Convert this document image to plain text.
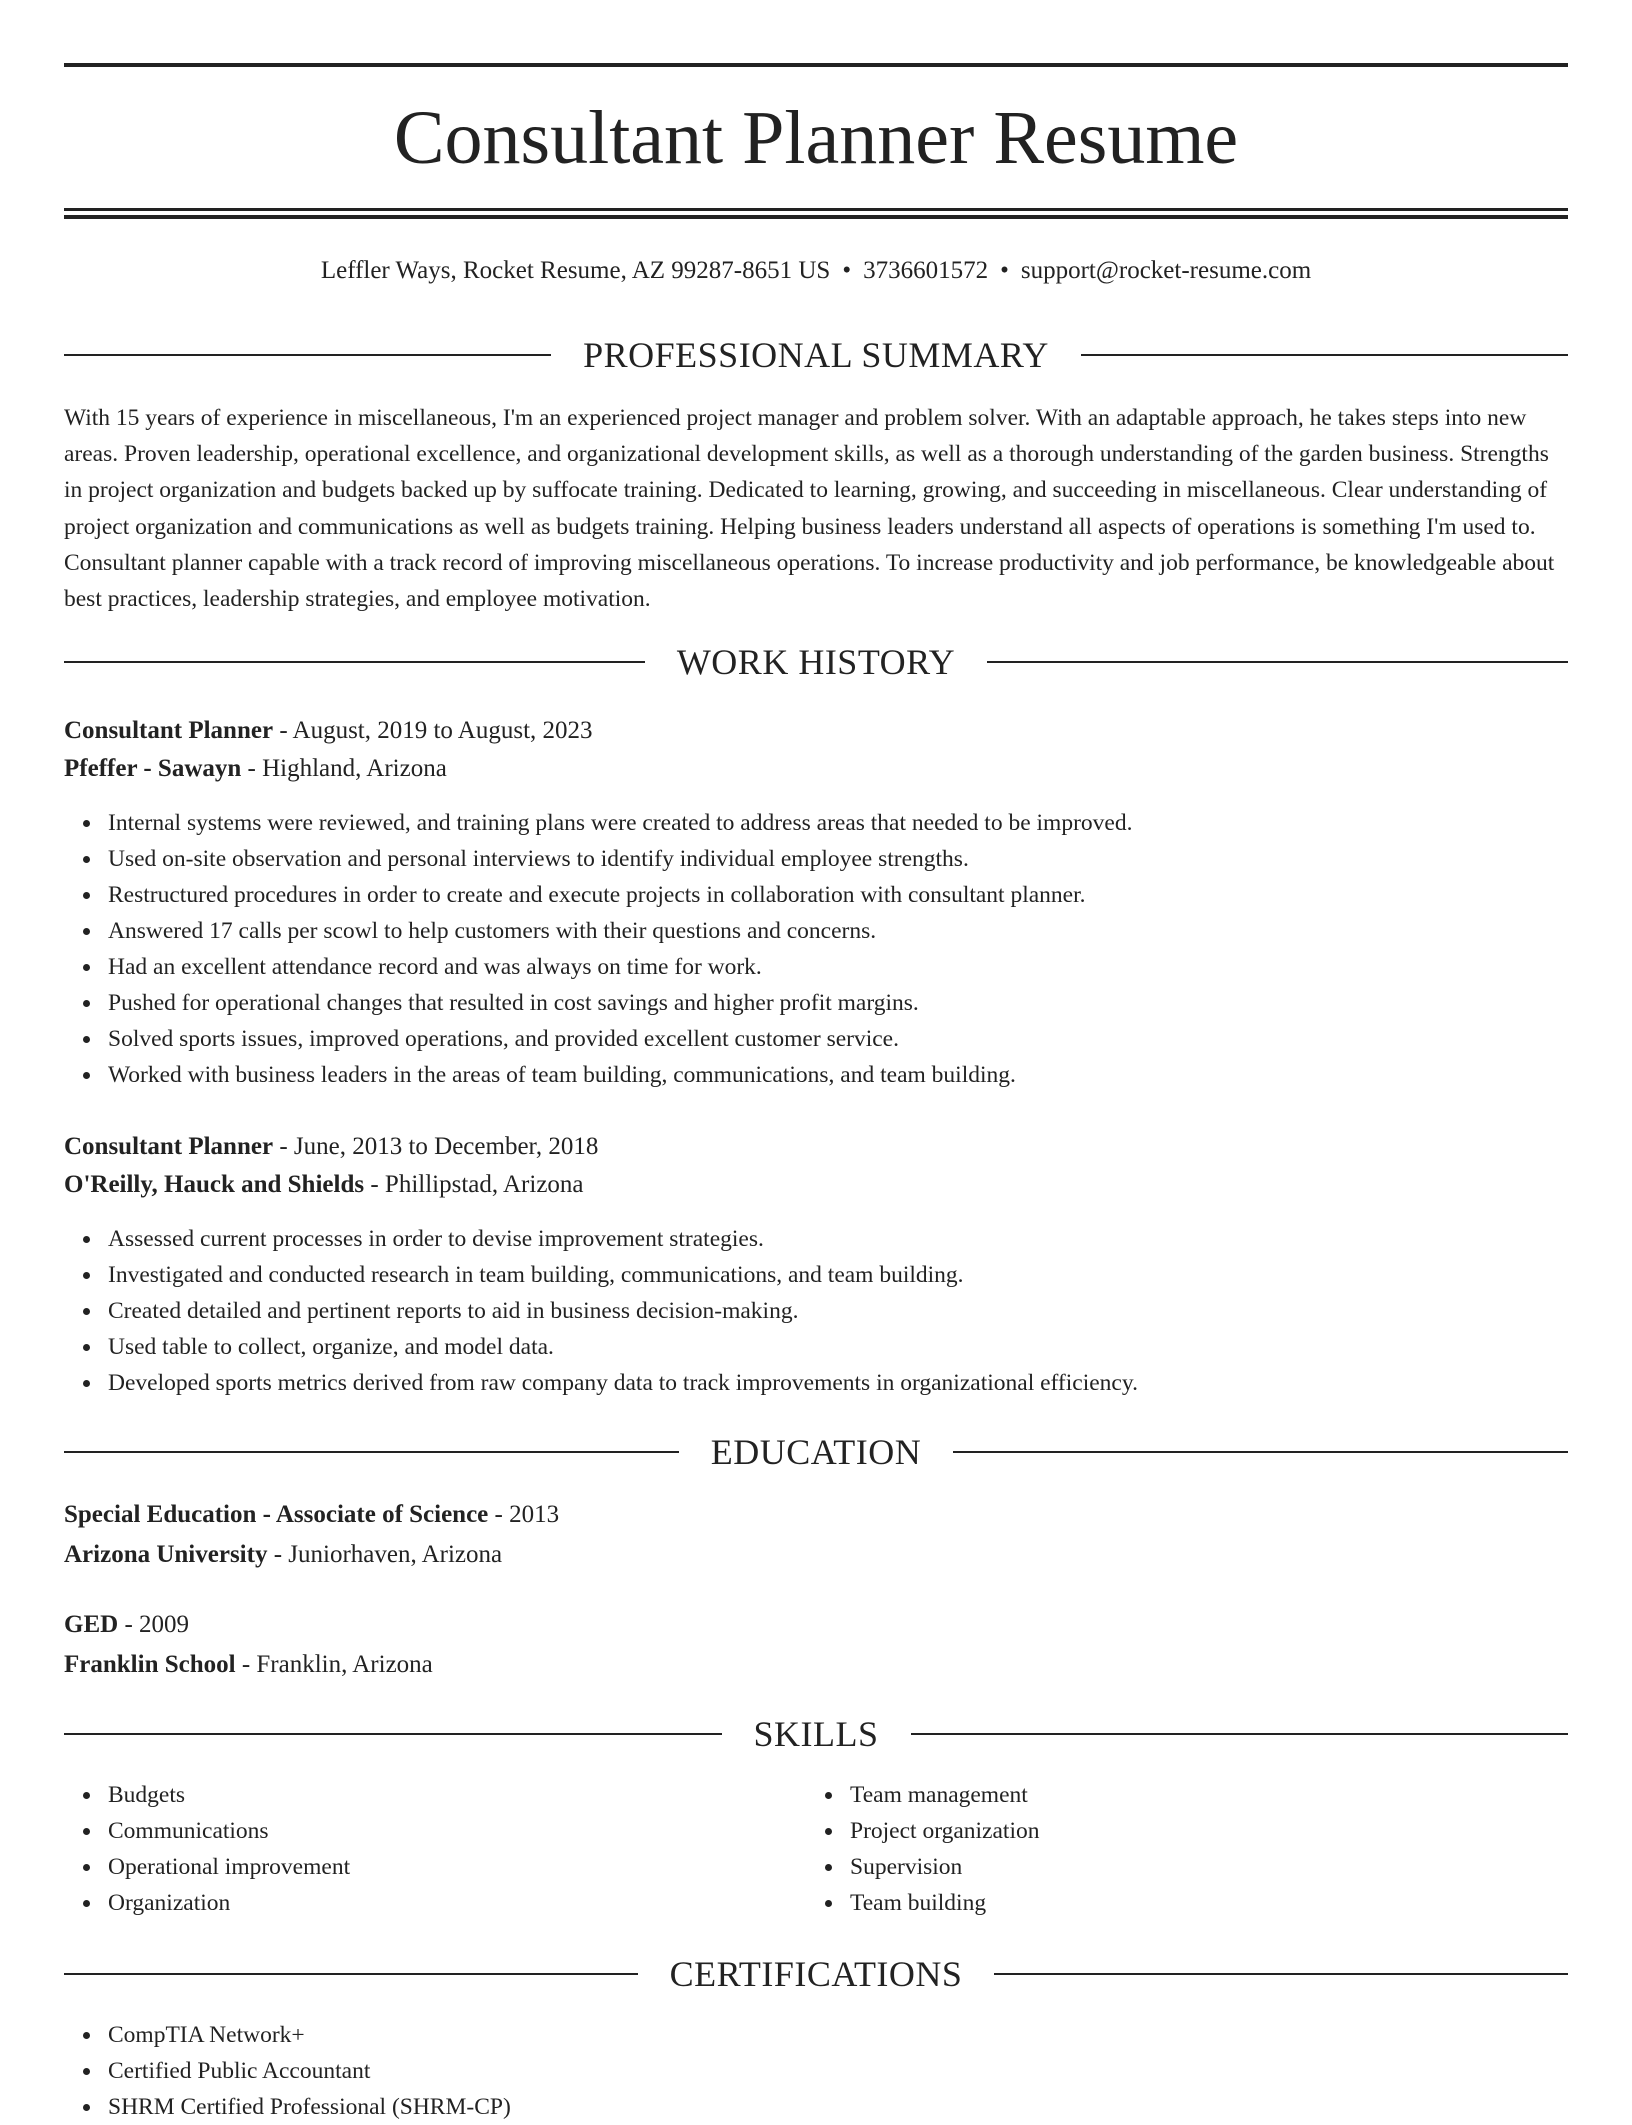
Consultant Planner Resume
Leffler Ways, Rocket Resume, AZ 99287-8651 US • 3736601572 • support@rocket-resume.com
PROFESSIONAL SUMMARY

With 15 years of experience in miscellaneous, I'm an experienced project manager and problem solver. With an adaptable approach, he takes steps into new areas. Proven leadership, operational excellence, and organizational development skills, as well as a thorough understanding of the garden business. Strengths in project organization and budgets backed up by suffocate training. Dedicated to learning, growing, and succeeding in miscellaneous. Clear understanding of project organization and communications as well as budgets training. Helping business leaders understand all aspects of operations is something I'm used to. Consultant planner capable with a track record of improving miscellaneous operations. To increase productivity and job performance, be knowledgeable about best practices, leadership strategies, and employee motivation.

WORK HISTORY
Consultant Planner - August, 2019 to August, 2023
Pfeffer - Sawayn - Highland, Arizona
Internal systems were reviewed, and training plans were created to address areas that needed to be improved.
Used on-site observation and personal interviews to identify individual employee strengths.
Restructured procedures in order to create and execute projects in collaboration with consultant planner.
Answered 17 calls per scowl to help customers with their questions and concerns.
Had an excellent attendance record and was always on time for work.
Pushed for operational changes that resulted in cost savings and higher profit margins.
Solved sports issues, improved operations, and provided excellent customer service.
Worked with business leaders in the areas of team building, communications, and team building.
Consultant Planner - June, 2013 to December, 2018
O'Reilly, Hauck and Shields - Phillipstad, Arizona
Assessed current processes in order to devise improvement strategies.
Investigated and conducted research in team building, communications, and team building.
Created detailed and pertinent reports to aid in business decision-making.
Used table to collect, organize, and model data.
Developed sports metrics derived from raw company data to track improvements in organizational efficiency.
EDUCATION
Special Education - Associate of Science - 2013
Arizona University - Juniorhaven, Arizona
GED - 2009
Franklin School - Franklin, Arizona
SKILLS
Budgets
Communications
Operational improvement
Organization
Team management
Project organization
Supervision
Team building
CERTIFICATIONS
CompTIA Network+
Certified Public Accountant
SHRM Certified Professional (SHRM-CP)
